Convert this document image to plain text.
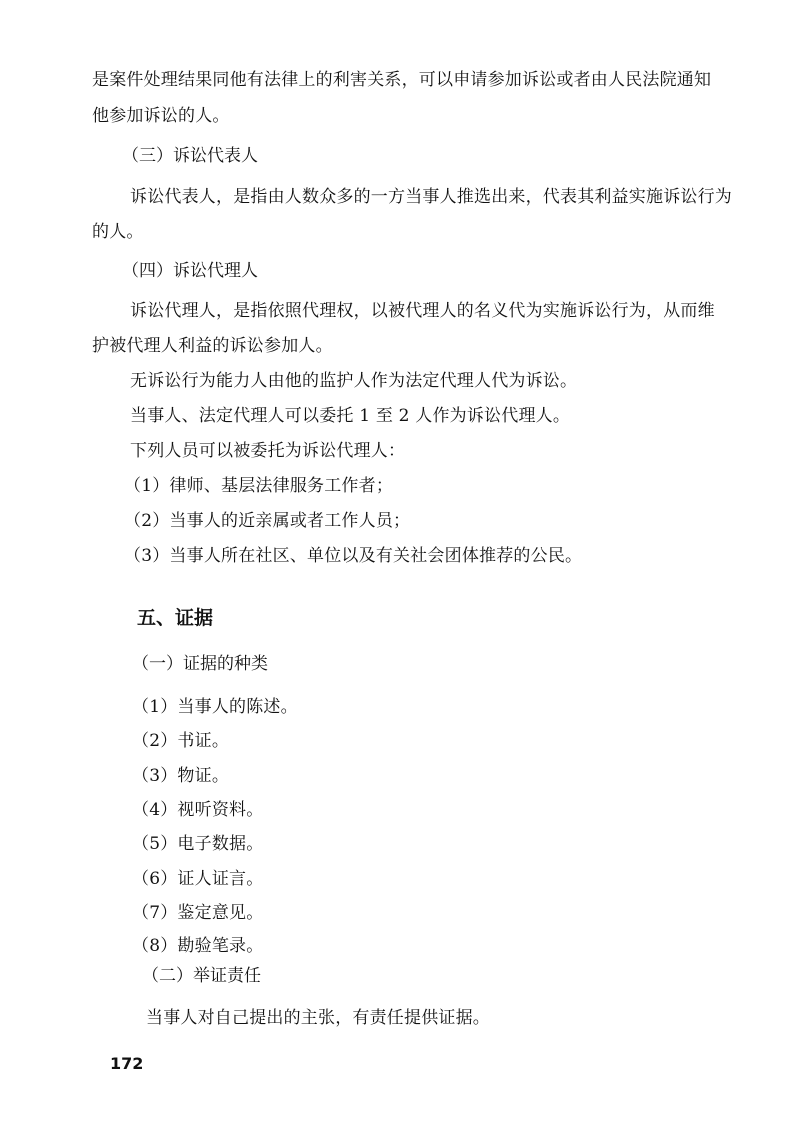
是案件处理结果同他有法律上的利害关系，可以申请参加诉讼或者由人民法院通知

他参加诉讼的人。

（三）诉讼代表人

诉讼代表人，是指由人数众多的一方当事人推选出来，代表其利益实施诉讼行为

的人。

（四）诉讼代理人

诉讼代理人，是指依照代理权，以被代理人的名义代为实施诉讼行为，从而维

护被代理人利益的诉讼参加人。

无诉讼行为能力人由他的监护人作为法定代理人代为诉讼。

当事人、法定代理人可以委托 1 至 2 人作为诉讼代理人。

下列人员可以被委托为诉讼代理人：

（1）律师、基层法律服务工作者；

（2）当事人的近亲属或者工作人员；

（3）当事人所在社区、单位以及有关社会团体推荐的公民。

五、证据

（一）证据的种类

（1）当事人的陈述。

（2）书证。

（3）物证。

（4）视听资料。

（5）电子数据。

（6）证人证言。

（7）鉴定意见。

（8）勘验笔录。

（二）举证责任

当事人对自己提出的主张，有责任提供证据。

172
